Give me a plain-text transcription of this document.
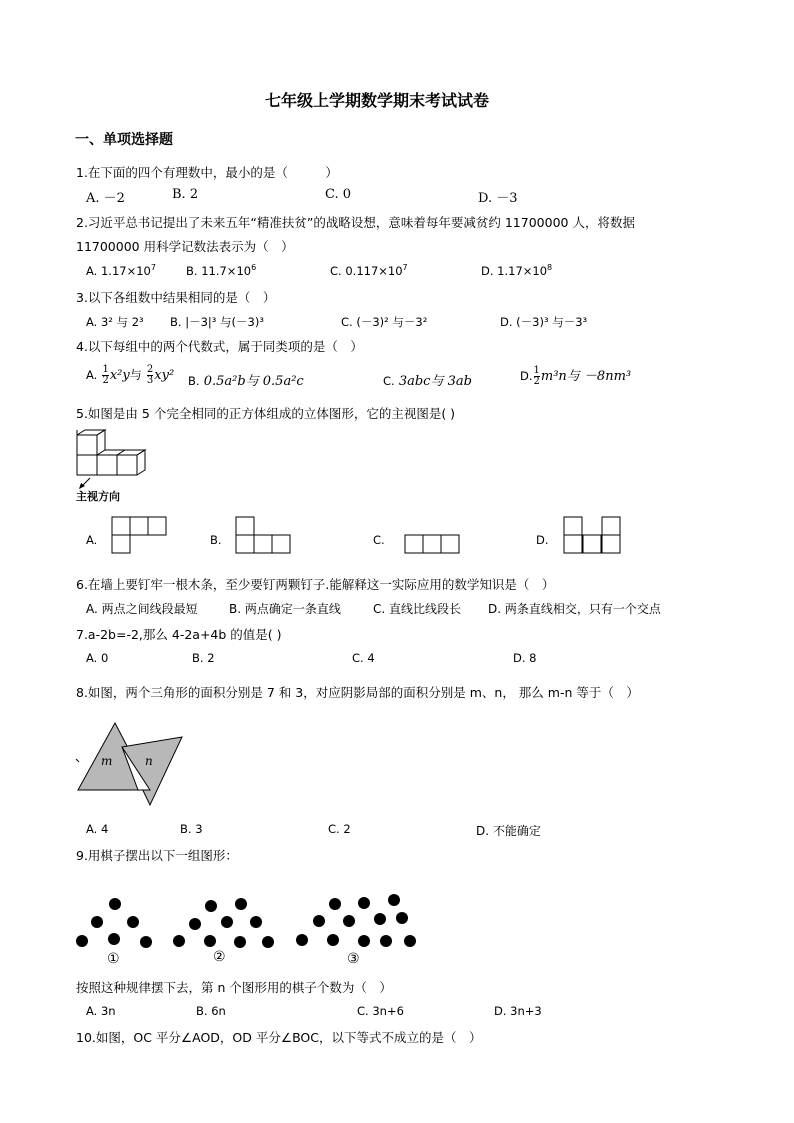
七年级上学期数学期末考试试卷
一、单项选择题
1.在下面的四个有理数中，最小的是（　　　）
A. －2	B. 2	C. 0	D. －3
2.习近平总书记提出了未来五年“精准扶贫”的战略设想，意味着每年要减贫约 11700000 人，将数据
11700000 用科学记数法表示为（　）
A. $1.17\times 10^7$	B. $11.7\times 10^6$	C. $0.117\times 10^7$	D. $1.17\times 10^8$
3.以下各组数中结果相同的是（　）
A. 3² 与 2³ B. |－3|³ 与(－3)³	C. (－3)² 与－3²	D. (－3)³ 与－3³
4.以下每组中的两个代数式，属于同类项的是（　）
A. $\frac{1}{2} x^2y$与 $\frac{2}{3} xy^2$ B. 0.5a²b与 0.5a²c	C. 3abc与 3ab	D. $\frac{1}{2} m^3n$与 －8nm³
5.如图是由 5 个完全相同的正方体组成的立体图形，它的主视图是( )
主视方向
A.	B.	C.	D.
6.在墙上要钉牢一根木条，至少要钉两颗钉子.能解释这一实际应用的数学知识是（　）
A. 两点之间线段最短	B. 两点确定一条直线	C. 直线比线段长 D. 两条直线相交，只有一个交点
7.a-2b=-2,那么 4-2a+4b 的值是( )
A. 0	B. 2	C. 4	D. 8
8.如图，两个三角形的面积分别是 7 和 3，对应阴影局部的面积分别是 m、n， 那么 m-n 等于（　）
m	n
A. 4	B. 3	C. 2	D. 不能确定
9.用棋子摆出以下一组图形：
①	②	③
按照这种规律摆下去，第 n 个图形用的棋子个数为（　）
A. 3n	B. 6n	C. 3n+6	D. 3n+3
10.如图，OC 平分∠AOD，OD 平分∠BOC，以下等式不成立的是（　）
